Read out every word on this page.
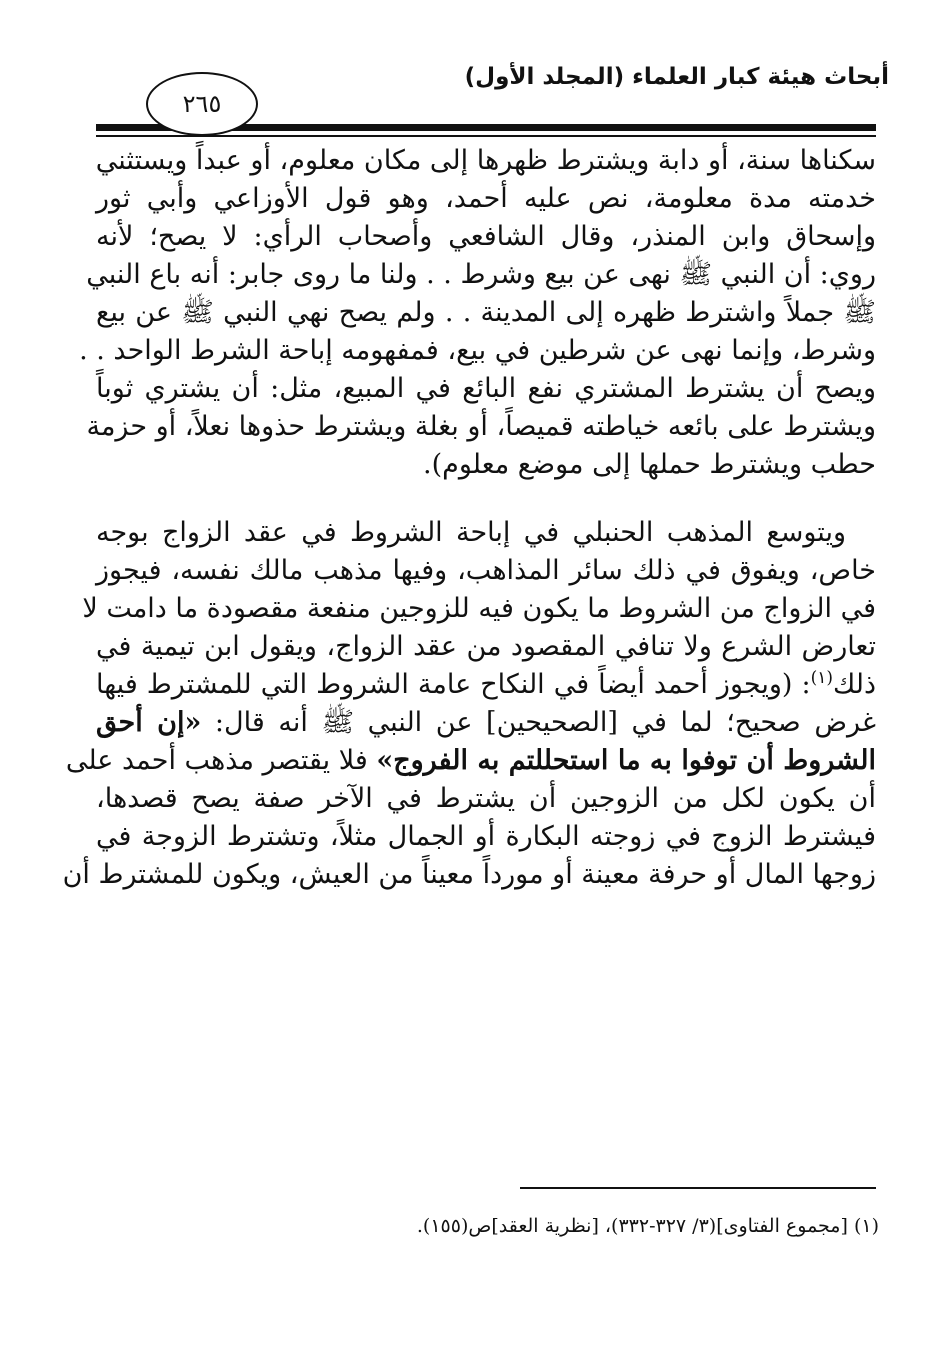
أبحاث هيئة كبار العلماء (المجلد الأول)
٢٦٥
سكناها سنة، أو دابة ويشترط ظهرها إلى مكان معلوم، أو عبداً ويستثني
خدمته مدة معلومة، نص عليه أحمد، وهو قول الأوزاعي وأبي ثور
وإسحاق وابن المنذر، وقال الشافعي وأصحاب الرأي: لا يصح؛ لأنه
روي: أن النبي ﷺ نهى عن بيع وشرط . . ولنا ما روى جابر: أنه باع النبي
ﷺ جملاً واشترط ظهره إلى المدينة . . ولم يصح نهي النبي ﷺ عن بيع
وشرط، وإنما نهى عن شرطين في بيع، فمفهومه إباحة الشرط الواحد . .
ويصح أن يشترط المشتري نفع البائع في المبيع، مثل: أن يشتري ثوباً
ويشترط على بائعه خياطته قميصاً، أو بغلة ويشترط حذوها نعلاً، أو حزمة
حطب ويشترط حملها إلى موضع معلوم).
ويتوسع المذهب الحنبلي في إباحة الشروط في عقد الزواج بوجه
خاص، ويفوق في ذلك سائر المذاهب، وفيها مذهب مالك نفسه، فيجوز
في الزواج من الشروط ما يكون فيه للزوجين منفعة مقصودة ما دامت لا
تعارض الشرع ولا تنافي المقصود من عقد الزواج، ويقول ابن تيمية في
ذلك$^{(١)}$: (ويجوز أحمد أيضاً في النكاح عامة الشروط التي للمشترط فيها
غرض صحيح؛ لما في [الصحيحين] عن النبي ﷺ أنه قال: «إن أحق
الشروط أن توفوا به ما استحللتم به الفروج» فلا يقتصر مذهب أحمد على
أن يكون لكل من الزوجين أن يشترط في الآخر صفة يصح قصدها،
فيشترط الزوج في زوجته البكارة أو الجمال مثلاً، وتشترط الزوجة في
زوجها المال أو حرفة معينة أو مورداً معيناً من العيش، ويكون للمشترط أن
(١) [مجموع الفتاوى](٣/ ٣٢٧-٣٣٢)، [نظرية العقد]ص(١٥٥).
